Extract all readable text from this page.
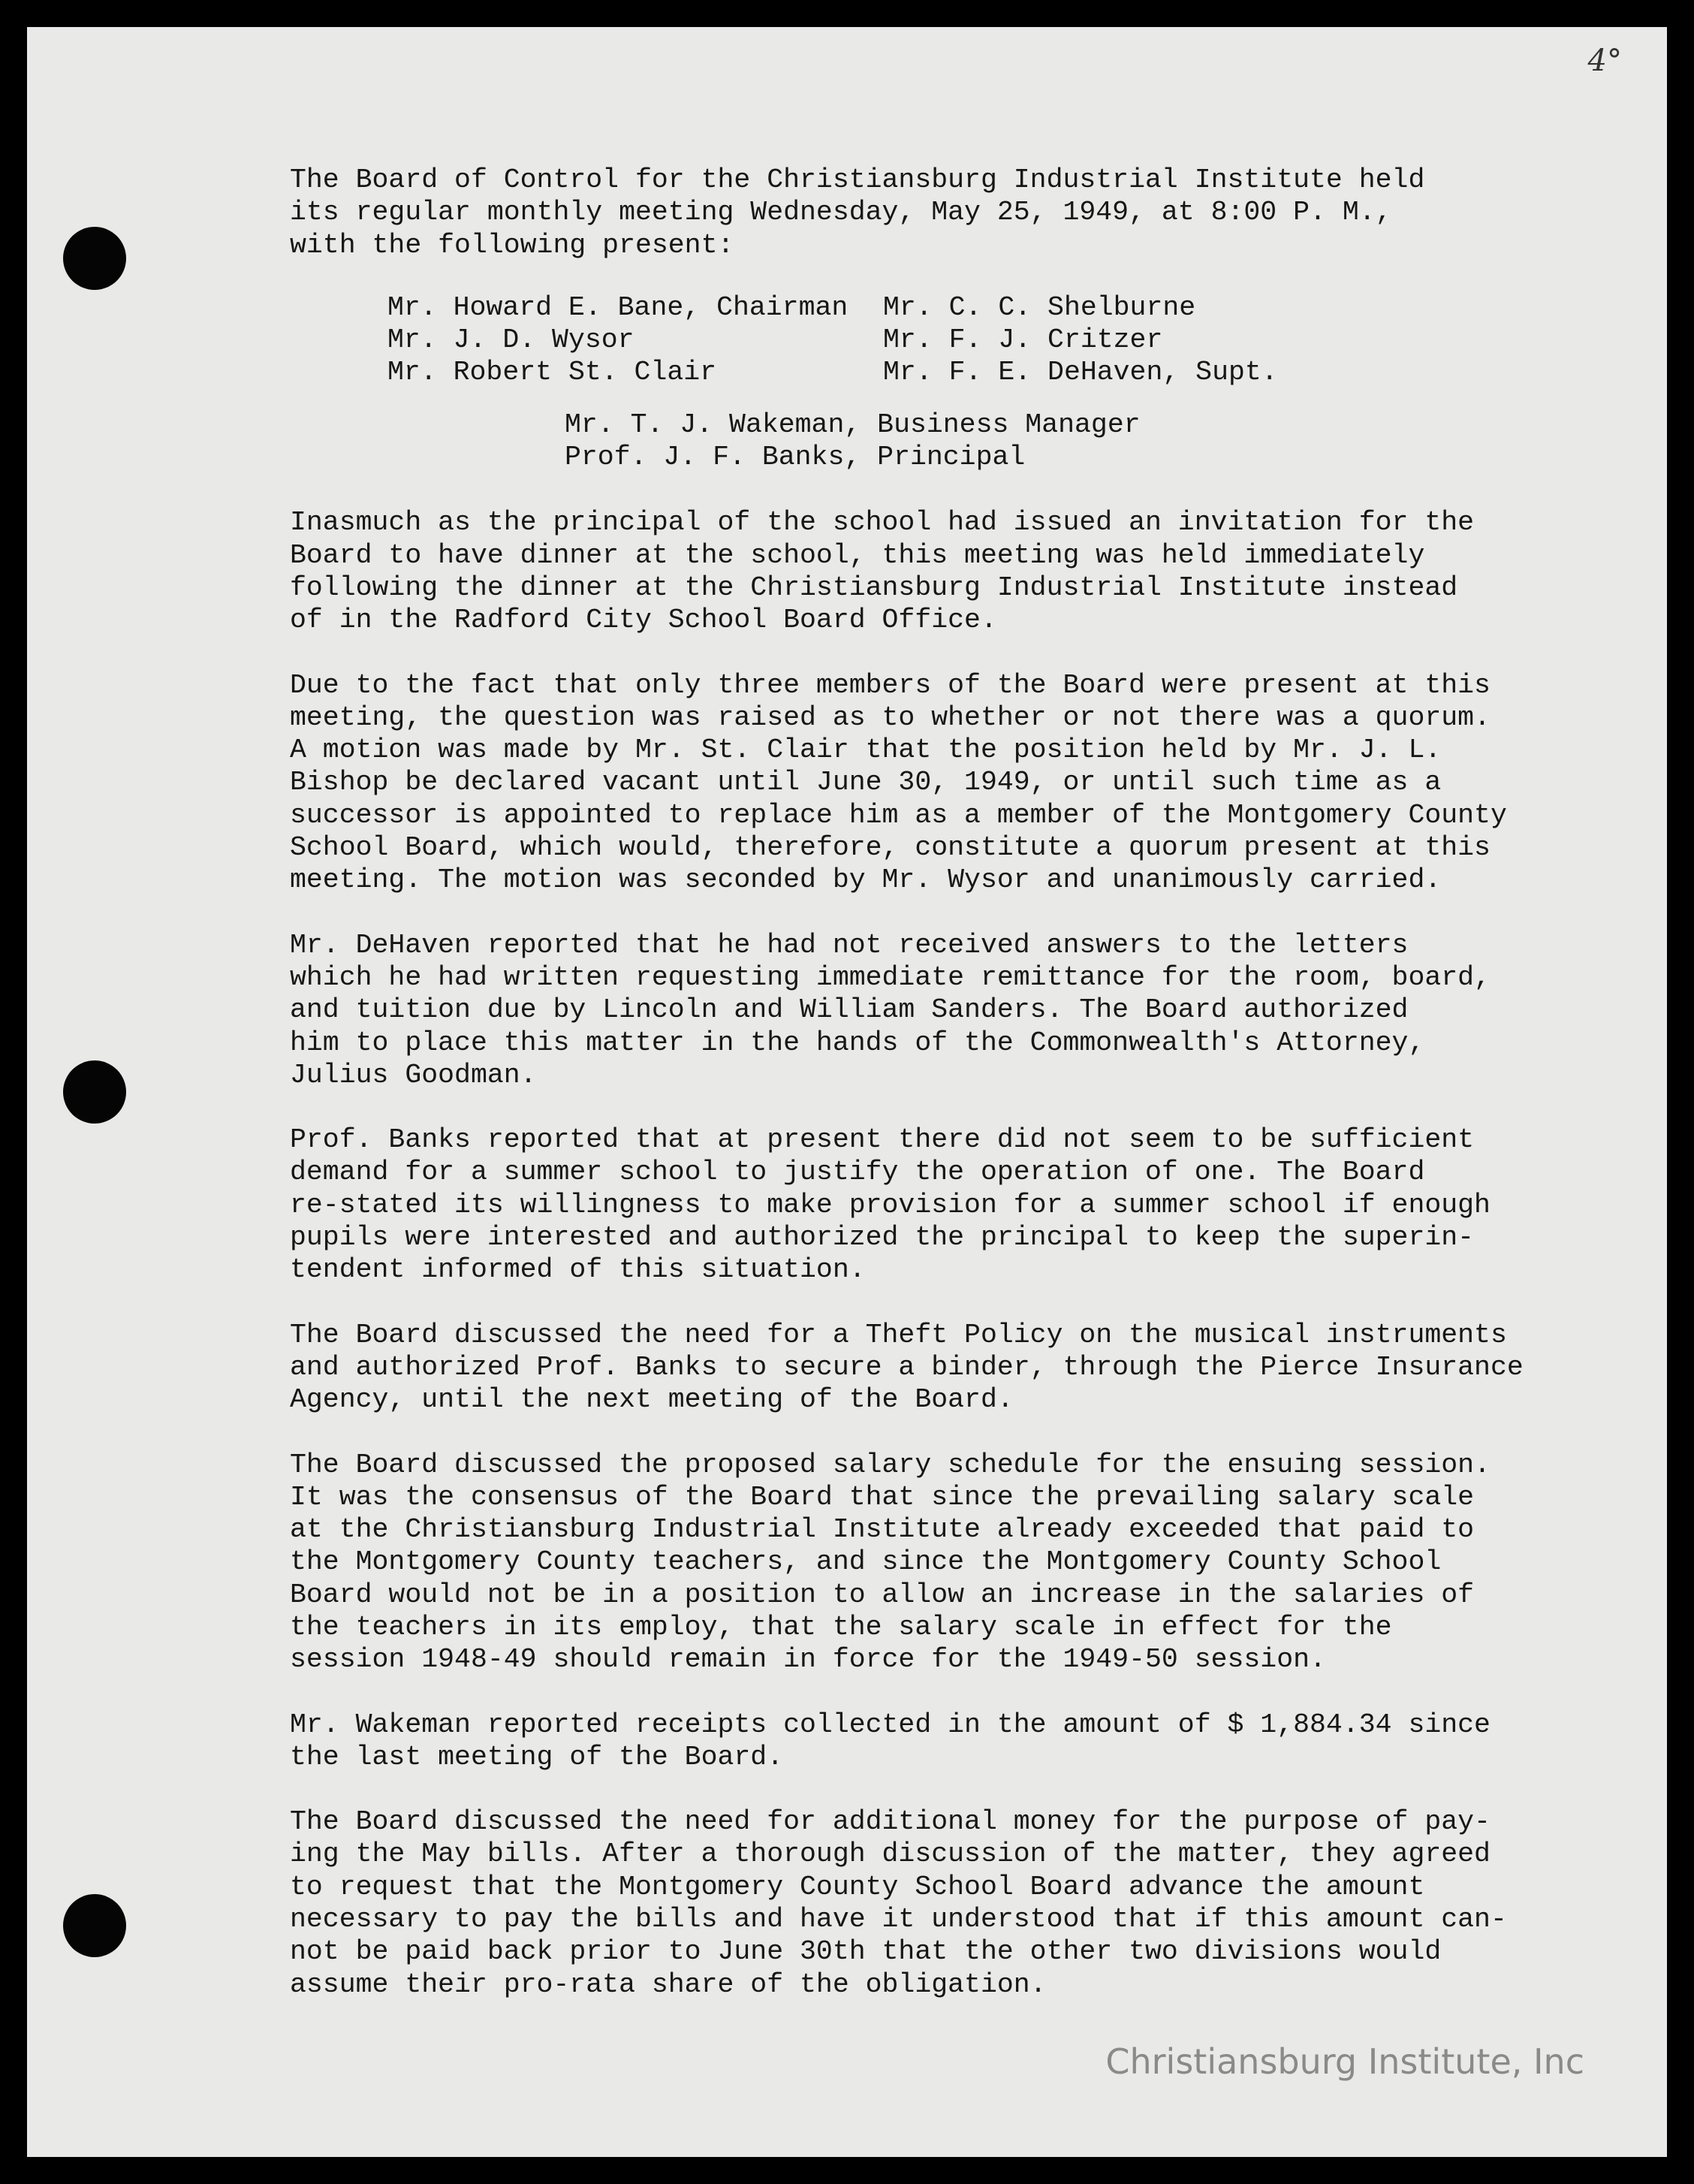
4°

The Board of Control for the Christiansburg Industrial Institute held
its regular monthly meeting Wednesday, May 25, 1949, at 8:00 P. M.,
with the following present:

Mr. Howard E. Bane, Chairman	Mr. C. C. Shelburne
Mr. J. D. Wysor	Mr. F. J. Critzer
Mr. Robert St. Clair	Mr. F. E. DeHaven, Supt.
Mr. T. J. Wakeman, Business Manager
Prof. J. F. Banks, Principal

Inasmuch as the principal of the school had issued an invitation for the
Board to have dinner at the school, this meeting was held immediately
following the dinner at the Christiansburg Industrial Institute instead
of in the Radford City School Board Office.

Due to the fact that only three members of the Board were present at this
meeting, the question was raised as to whether or not there was a quorum.
A motion was made by Mr. St. Clair that the position held by Mr. J. L.
Bishop be declared vacant until June 30, 1949, or until such time as a
successor is appointed to replace him as a member of the Montgomery County
School Board, which would, therefore, constitute a quorum present at this
meeting. The motion was seconded by Mr. Wysor and unanimously carried.

Mr. DeHaven reported that he had not received answers to the letters
which he had written requesting immediate remittance for the room, board,
and tuition due by Lincoln and William Sanders. The Board authorized
him to place this matter in the hands of the Commonwealth's Attorney,
Julius Goodman.

Prof. Banks reported that at present there did not seem to be sufficient
demand for a summer school to justify the operation of one. The Board
re-stated its willingness to make provision for a summer school if enough
pupils were interested and authorized the principal to keep the superin-
tendent informed of this situation.

The Board discussed the need for a Theft Policy on the musical instruments
and authorized Prof. Banks to secure a binder, through the Pierce Insurance
Agency, until the next meeting of the Board.

The Board discussed the proposed salary schedule for the ensuing session.
It was the consensus of the Board that since the prevailing salary scale
at the Christiansburg Industrial Institute already exceeded that paid to
the Montgomery County teachers, and since the Montgomery County School
Board would not be in a position to allow an increase in the salaries of
the teachers in its employ, that the salary scale in effect for the
session 1948-49 should remain in force for the 1949-50 session.

Mr. Wakeman reported receipts collected in the amount of $ 1,884.34 since
the last meeting of the Board.

The Board discussed the need for additional money for the purpose of pay-
ing the May bills. After a thorough discussion of the matter, they agreed
to request that the Montgomery County School Board advance the amount
necessary to pay the bills and have it understood that if this amount can-
not be paid back prior to June 30th that the other two divisions would
assume their pro-rata share of the obligation.

Christiansburg Institute, Inc
